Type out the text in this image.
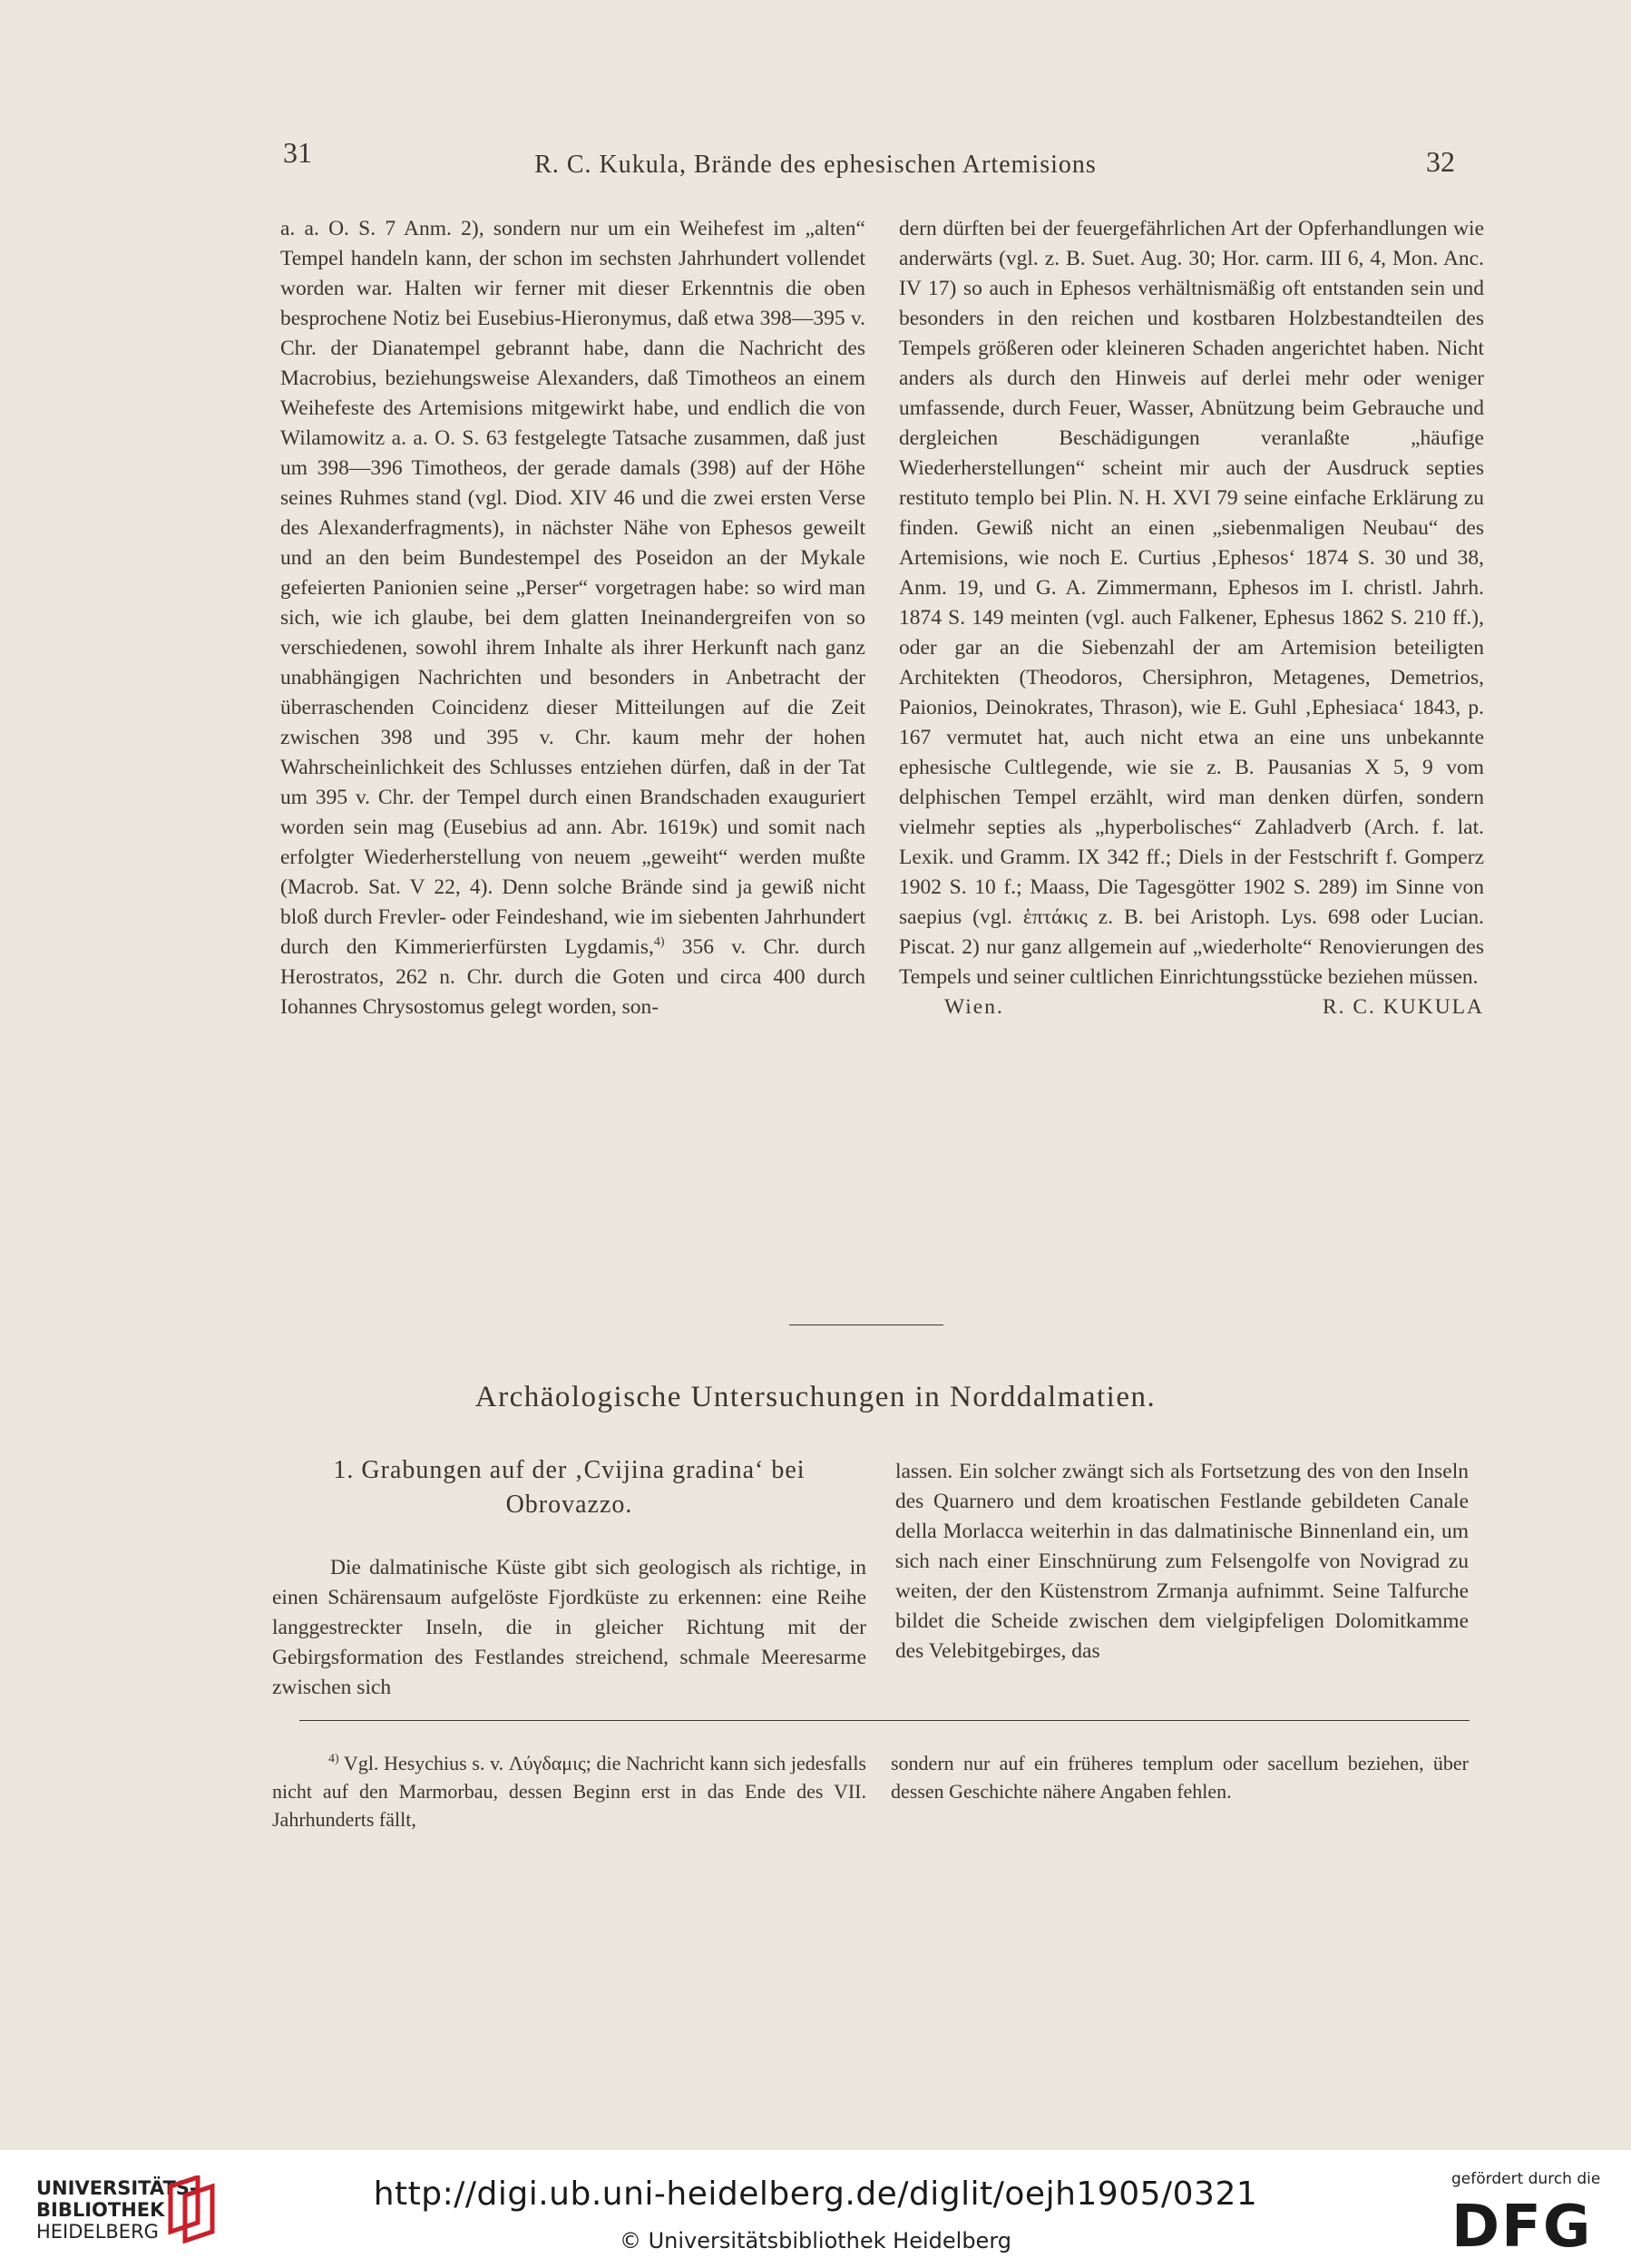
31	R. C. Kukula, Brände des ephesischen Artemisions	32

a. a. O. S. 7 Anm. 2), sondern nur um ein Weihefest im „alten“ Tempel handeln kann, der schon im sechsten Jahrhundert vollendet worden war. Halten wir ferner mit dieser Erkenntnis die oben besprochene Notiz bei Eusebius-Hieronymus, daß etwa 398—395 v. Chr. der Dianatempel gebrannt habe, dann die Nachricht des Macrobius, beziehungsweise Alexanders, daß Timotheos an einem Weihefeste des Artemisions mitgewirkt habe, und endlich die von Wilamowitz a. a. O. S. 63 festgelegte Tatsache zusammen, daß just um 398—396 Timotheos, der gerade damals (398) auf der Höhe seines Ruhmes stand (vgl. Diod. XIV 46 und die zwei ersten Verse des Alexanderfragments), in nächster Nähe von Ephesos geweilt und an den beim Bundestempel des Poseidon an der Mykale gefeierten Panionien seine „Perser“ vorgetragen habe: so wird man sich, wie ich glaube, bei dem glatten Ineinandergreifen von so verschiedenen, sowohl ihrem Inhalte als ihrer Herkunft nach ganz unabhängigen Nachrichten und besonders in Anbetracht der überraschenden Coincidenz dieser Mitteilungen auf die Zeit zwischen 398 und 395 v. Chr. kaum mehr der hohen Wahrscheinlichkeit des Schlusses entziehen dürfen, daß in der Tat um 395 v. Chr. der Tempel durch einen Brandschaden exauguriert worden sein mag (Eusebius ad ann. Abr. 1619κ) und somit nach erfolgter Wiederherstellung von neuem „geweiht“ werden mußte (Macrob. Sat. V 22, 4). Denn solche Brände sind ja gewiß nicht bloß durch Frevler- oder Feindeshand, wie im siebenten Jahrhundert durch den Kimmerierfürsten Lygdamis,$^{4)}$ 356 v. Chr. durch Herostratos, 262 n. Chr. durch die Goten und circa 400 durch Iohannes Chrysostomus gelegt worden, son-

dern dürften bei der feuergefährlichen Art der Opferhandlungen wie anderwärts (vgl. z. B. Suet. Aug. 30; Hor. carm. III 6, 4, Mon. Anc. IV 17) so auch in Ephesos verhältnismäßig oft entstanden sein und besonders in den reichen und kostbaren Holzbestandteilen des Tempels größeren oder kleineren Schaden angerichtet haben. Nicht anders als durch den Hinweis auf derlei mehr oder weniger umfassende, durch Feuer, Wasser, Abnützung beim Gebrauche und dergleichen Beschädigungen veranlaßte „häufige Wiederherstellungen“ scheint mir auch der Ausdruck septies restituto templo bei Plin. N. H. XVI 79 seine einfache Erklärung zu finden. Gewiß nicht an einen „siebenmaligen Neubau“ des Artemisions, wie noch E. Curtius ‚Ephesos‘ 1874 S. 30 und 38, Anm. 19, und G. A. Zimmermann, Ephesos im I. christl. Jahrh. 1874 S. 149 meinten (vgl. auch Falkener, Ephesus 1862 S. 210 ff.), oder gar an die Siebenzahl der am Artemision beteiligten Architekten (Theodoros, Chersiphron, Metagenes, Demetrios, Paionios, Deinokrates, Thrason), wie E. Guhl ‚Ephesiaca‘ 1843, p. 167 vermutet hat, auch nicht etwa an eine uns unbekannte ephesische Cultlegende, wie sie z. B. Pausanias X 5, 9 vom delphischen Tempel erzählt, wird man denken dürfen, sondern vielmehr septies als „hyperbolisches“ Zahladverb (Arch. f. lat. Lexik. und Gramm. IX 342 ff.; Diels in der Festschrift f. Gomperz 1902 S. 10 f.; Maass, Die Tagesgötter 1902 S. 289) im Sinne von saepius (vgl. ἑπτάκις z. B. bei Aristoph. Lys. 698 oder Lucian. Piscat. 2) nur ganz allgemein auf „wiederholte“ Renovierungen des Tempels und seiner cultlichen Einrichtungsstücke beziehen müssen.

Wien.	R. C. KUKULA
Archäologische Untersuchungen in Norddalmatien.
1. Grabungen auf der ‚Cvijina gradina‘ bei Obrovazzo.

Die dalmatinische Küste gibt sich geologisch als richtige, in einen Schärensaum aufgelöste Fjordküste zu erkennen: eine Reihe langgestreckter Inseln, die in gleicher Richtung mit der Gebirgsformation des Festlandes streichend, schmale Meeresarme zwischen sich

lassen. Ein solcher zwängt sich als Fortsetzung des von den Inseln des Quarnero und dem kroatischen Festlande gebildeten Canale della Morlacca weiterhin in das dalmatinische Binnenland ein, um sich nach einer Einschnürung zum Felsengolfe von Novigrad zu weiten, der den Küstenstrom Zrmanja aufnimmt. Seine Talfurche bildet die Scheide zwischen dem vielgipfeligen Dolomitkamme des Velebitgebirges, das

$^{4)}$ Vgl. Hesychius s. v. Λύγδαμις; die Nachricht kann sich jedesfalls nicht auf den Marmorbau, dessen Beginn erst in das Ende des VII. Jahrhunderts fällt,

sondern nur auf ein früheres templum oder sacellum beziehen, über dessen Geschichte nähere Angaben fehlen.

UNIVERSITÄTS-
BIBLIOTHEK
HEIDELBERG
http://digi.ub.uni-heidelberg.de/diglit/oejh1905/0321
© Universitätsbibliothek Heidelberg
gefördert durch die
DFG
